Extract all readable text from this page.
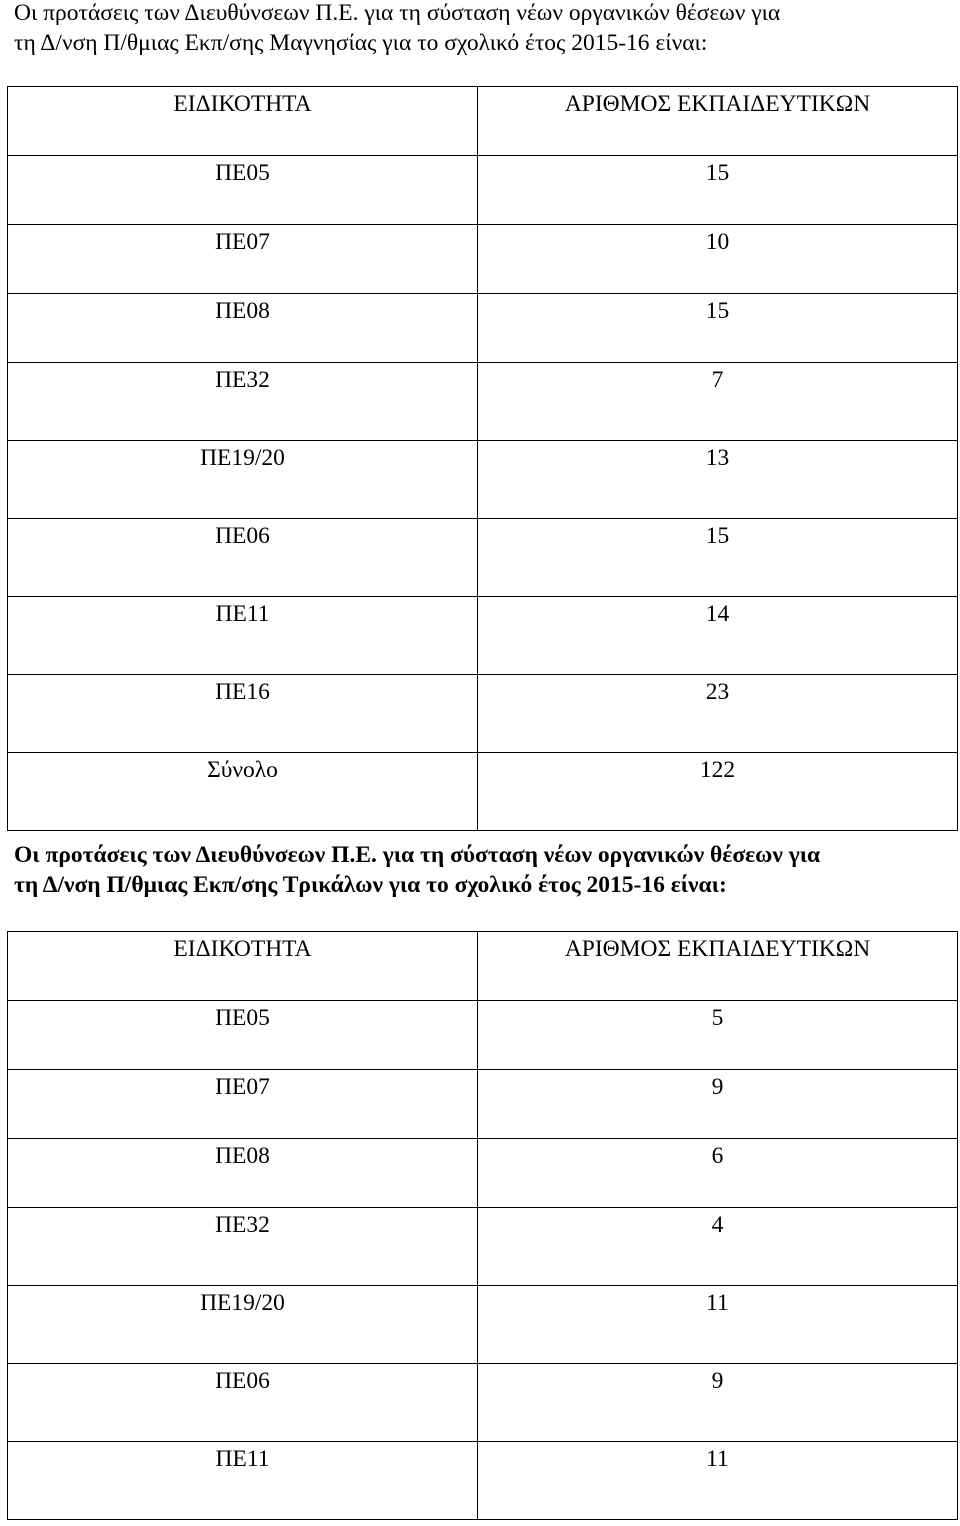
Οι προτάσεις των Διευθύνσεων Π.Ε. για τη σύσταση νέων οργανικών θέσεων για
τη Δ/νση Π/θμιας Εκπ/σης Μαγνησίας για το σχολικό έτος 2015-16 είναι:
ΕΙΔΙΚΟΤΗΤΑ	ΑΡΙΘΜΟΣ ΕΚΠΑΙΔΕΥΤΙΚΩΝ

ΠΕ05	15

ΠΕ07	10

ΠΕ08	15

ΠΕ32	7

ΠΕ19/20	13

ΠΕ06	15

ΠΕ11	14

ΠΕ16	23

Σύνολο	122
Οι προτάσεις των Διευθύνσεων Π.Ε. για τη σύσταση νέων οργανικών θέσεων για
τη Δ/νση Π/θμιας Εκπ/σης Τρικάλων για το σχολικό έτος 2015-16 είναι:
ΕΙΔΙΚΟΤΗΤΑ	ΑΡΙΘΜΟΣ ΕΚΠΑΙΔΕΥΤΙΚΩΝ

ΠΕ05	5

ΠΕ07	9

ΠΕ08	6

ΠΕ32	4

ΠΕ19/20	11

ΠΕ06	9

ΠΕ11	11
